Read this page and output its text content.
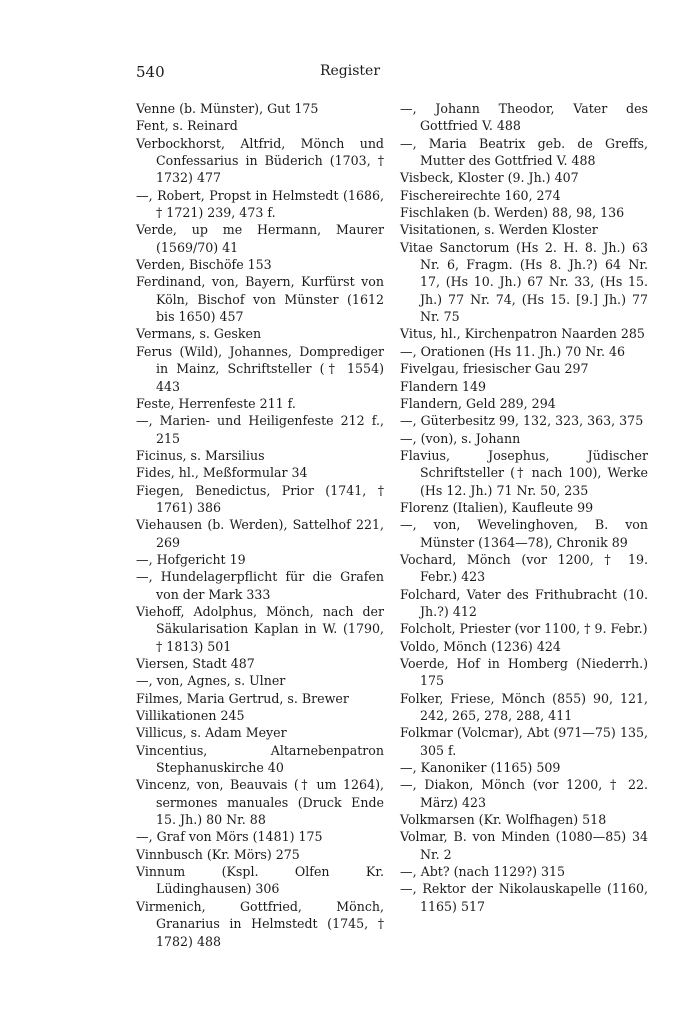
540	Register

Venne (b. Münster), Gut 175

Fent, s. Reinard

Verbockhorst, Altfrid, Mönch und Confessarius in Büderich (1703, † 1732) 477

—, Robert, Propst in Helmstedt (1686, † 1721) 239, 473 f.

Verde, up me Hermann, Maurer (1569/70) 41

Verden, Bischöfe 153

Ferdinand, von, Bayern, Kurfürst von Köln, Bischof von Münster (1612 bis 1650) 457

Vermans, s. Gesken

Ferus (Wild), Johannes, Domprediger in Mainz, Schriftsteller († 1554) 443

Feste, Herrenfeste 211 f.

—, Marien- und Heiligenfeste 212 f., 215

Ficinus, s. Marsilius

Fides, hl., Meßformular 34

Fiegen, Benedictus, Prior (1741, † 1761) 386

Viehausen (b. Werden), Sattelhof 221, 269

—, Hofgericht 19

—, Hundelagerpflicht für die Grafen von der Mark 333

Viehoff, Adolphus, Mönch, nach der Säkularisation Kaplan in W. (1790, † 1813) 501

Viersen, Stadt 487

—, von, Agnes, s. Ulner

Filmes, Maria Gertrud, s. Brewer

Villikationen 245

Villicus, s. Adam Meyer

Vincentius, Altarnebenpatron Stephanuskirche 40

Vincenz, von, Beauvais († um 1264), sermones manuales (Druck Ende 15. Jh.) 80 Nr. 88

—, Graf von Mörs (1481) 175

Vinnbusch (Kr. Mörs) 275

Vinnum (Kspl. Olfen Kr. Lüdinghausen) 306

Virmenich, Gottfried, Mönch, Granarius in Helmstedt (1745, † 1782) 488

—, Johann Theodor, Vater des Gottfried V. 488

—, Maria Beatrix geb. de Greffs, Mutter des Gottfried V. 488

Visbeck, Kloster (9. Jh.) 407

Fischereirechte 160, 274

Fischlaken (b. Werden) 88, 98, 136

Visitationen, s. Werden Kloster

Vitae Sanctorum (Hs 2. H. 8. Jh.) 63 Nr. 6, Fragm. (Hs 8. Jh.?) 64 Nr. 17, (Hs 10. Jh.) 67 Nr. 33, (Hs 15. Jh.) 77 Nr. 74, (Hs 15. [9.] Jh.) 77 Nr. 75

Vitus, hl., Kirchenpatron Naarden 285

—, Orationen (Hs 11. Jh.) 70 Nr. 46

Fivelgau, friesischer Gau 297

Flandern 149

Flandern, Geld 289, 294

—, Güterbesitz 99, 132, 323, 363, 375

—, (von), s. Johann

Flavius, Josephus, Jüdischer Schriftsteller († nach 100), Werke (Hs 12. Jh.) 71 Nr. 50, 235

Florenz (Italien), Kaufleute 99

—, von, Wevelinghoven, B. von Münster (1364—78), Chronik 89

Vochard, Mönch (vor 1200, † 19. Febr.) 423

Folchard, Vater des Frithubracht (10. Jh.?) 412

Folcholt, Priester (vor 1100, † 9. Febr.)

Voldo, Mönch (1236) 424

Voerde, Hof in Homberg (Niederrh.) 175

Folker, Friese, Mönch (855) 90, 121, 242, 265, 278, 288, 411

Folkmar (Volcmar), Abt (971—75) 135, 305 f.

—, Kanoniker (1165) 509

—, Diakon, Mönch (vor 1200, † 22. März) 423

Volkmarsen (Kr. Wolfhagen) 518

Volmar, B. von Minden (1080—85) 34 Nr. 2

—, Abt? (nach 1129?) 315

—, Rektor der Nikolauskapelle (1160, 1165) 517
